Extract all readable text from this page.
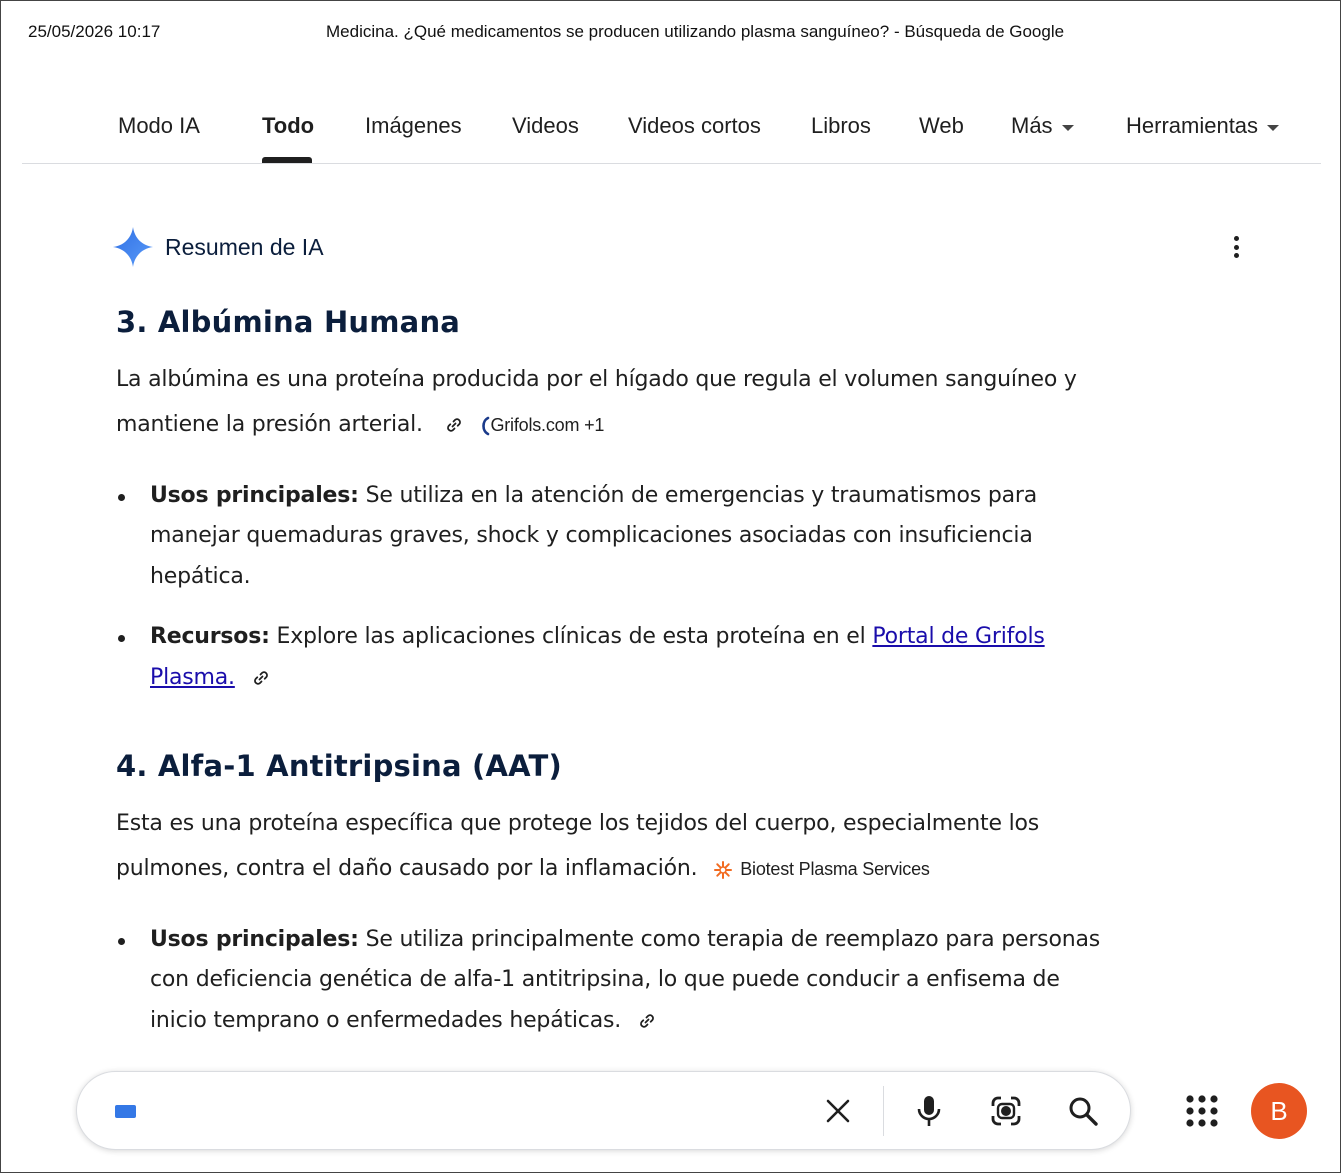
25/05/2026 10:17	Medicina. ¿Qué medicamentos se producen utilizando plasma sanguíneo? - Búsqueda de Google
Modo IA	Todo Imágenes Videos Videos cortos Libros Web Más	Herramientas
Resumen de IA
3. Albúmina Humana

La albúmina es una proteína producida por el hígado que regula el volumen sanguíneo y mantiene la presión arterial.	Grifols.com +1

Usos principales: Se utiliza en la atención de emergencias y traumatismos para manejar quemaduras graves, shock y complicaciones asociadas con insuficiencia hepática.
Recursos: Explore las aplicaciones clínicas de esta proteína en el Portal de Grifols Plasma.
4. Alfa-1 Antitripsina (AAT)

Esta es una proteína específica que protege los tejidos del cuerpo, especialmente los pulmones, contra el daño causado por la inflamación. Biotest Plasma Services

Usos principales: Se utiliza principalmente como terapia de reemplazo para personas con deficiencia genética de alfa-1 antitripsina, lo que puede conducir a enfisema de inicio temprano o enfermedades hepáticas.
B
